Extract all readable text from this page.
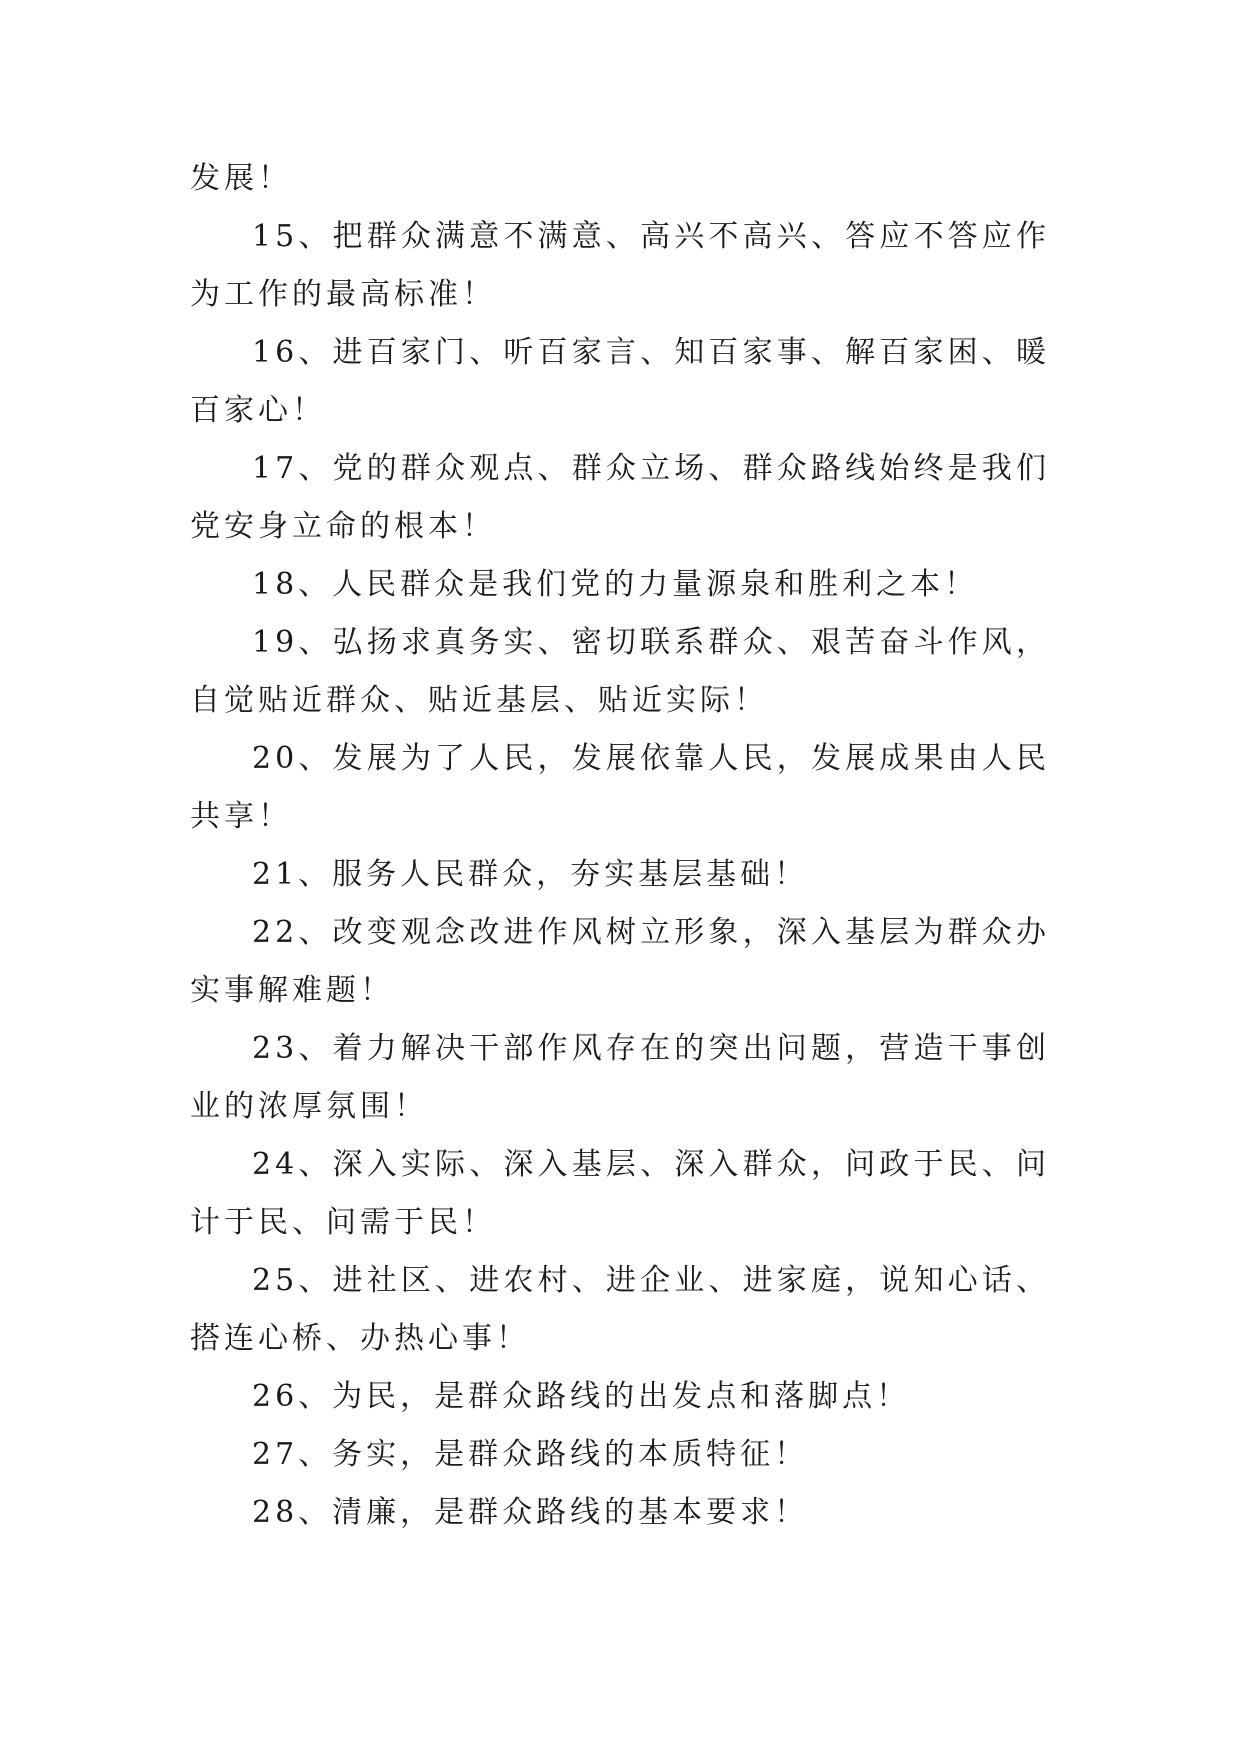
发展！

15、把群众满意不满意、高兴不高兴、答应不答应作为工作的最高标准！

16、进百家门、听百家言、知百家事、解百家困、暖百家心！

17、党的群众观点、群众立场、群众路线始终是我们党安身立命的根本！

18、人民群众是我们党的力量源泉和胜利之本！

19、弘扬求真务实、密切联系群众、艰苦奋斗作风，自觉贴近群众、贴近基层、贴近实际！

20、发展为了人民，发展依靠人民，发展成果由人民共享！

21、服务人民群众，夯实基层基础！

22、改变观念改进作风树立形象，深入基层为群众办实事解难题！

23、着力解决干部作风存在的突出问题，营造干事创业的浓厚氛围！

24、深入实际、深入基层、深入群众，问政于民、问计于民、问需于民！

25、进社区、进农村、进企业、进家庭，说知心话、搭连心桥、办热心事！

26、为民，是群众路线的出发点和落脚点！

27、务实，是群众路线的本质特征！

28、清廉，是群众路线的基本要求！
